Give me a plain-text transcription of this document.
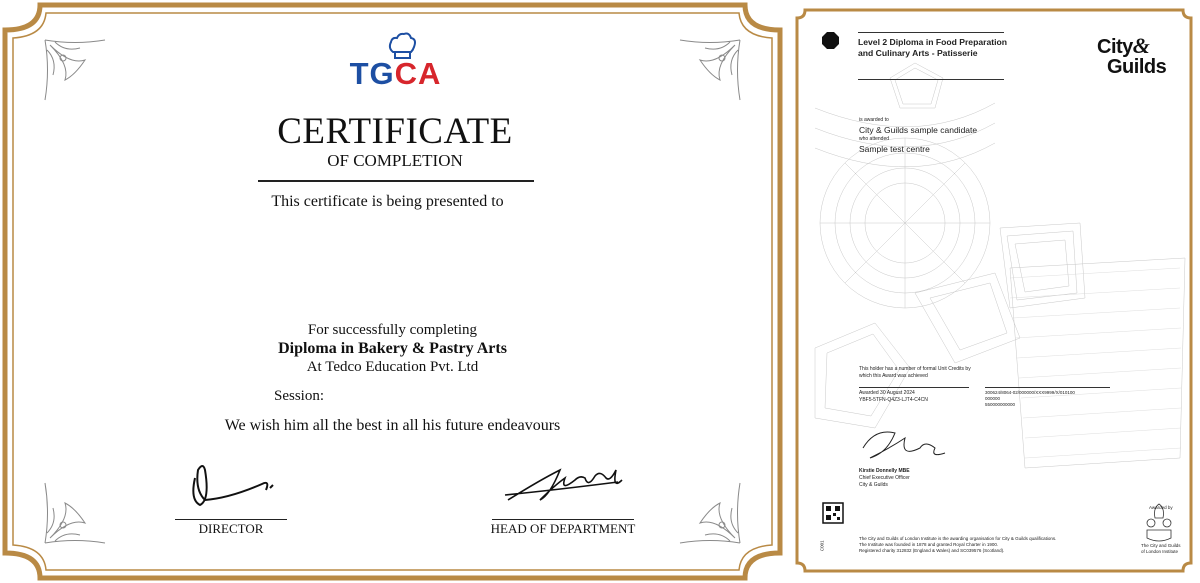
TGCA
CERTIFICATE
OF COMPLETION
This certificate is being presented to
For successfully completing
Diploma in Bakery & Pastry Arts
At Tedco Education Pvt. Ltd
Session:
We wish him all the best in all his future endeavours
DIRECTOR	HEAD OF DEPARTMENT
Level 2 Diploma in Food Preparation and Culinary Arts - Patisserie	City&
Guilds
is awarded to
City & Guilds sample candidate
who attended
Sample test centre
This holder has a number of formal Unit Credits by which this Award was achieved
Awarded 30 August 2024
YBF5-5TFN-Q4Z3-LJT4-C4CN
300624/8064-02/000000/XXX9999/X/010100
000000
550000000000
Kirstie Donnelly MBE
Chief Executive Officer
City & Guilds
C001
The City and Guilds of London Institute is the awarding organisation for City & Guilds qualifications.
The Institute was founded in 1878 and granted Royal Charter in 1900.
Registered charity 312832 (England & Wales) and SC039576 (Scotland).
Awarded by
The City and Guilds
of London Institute
